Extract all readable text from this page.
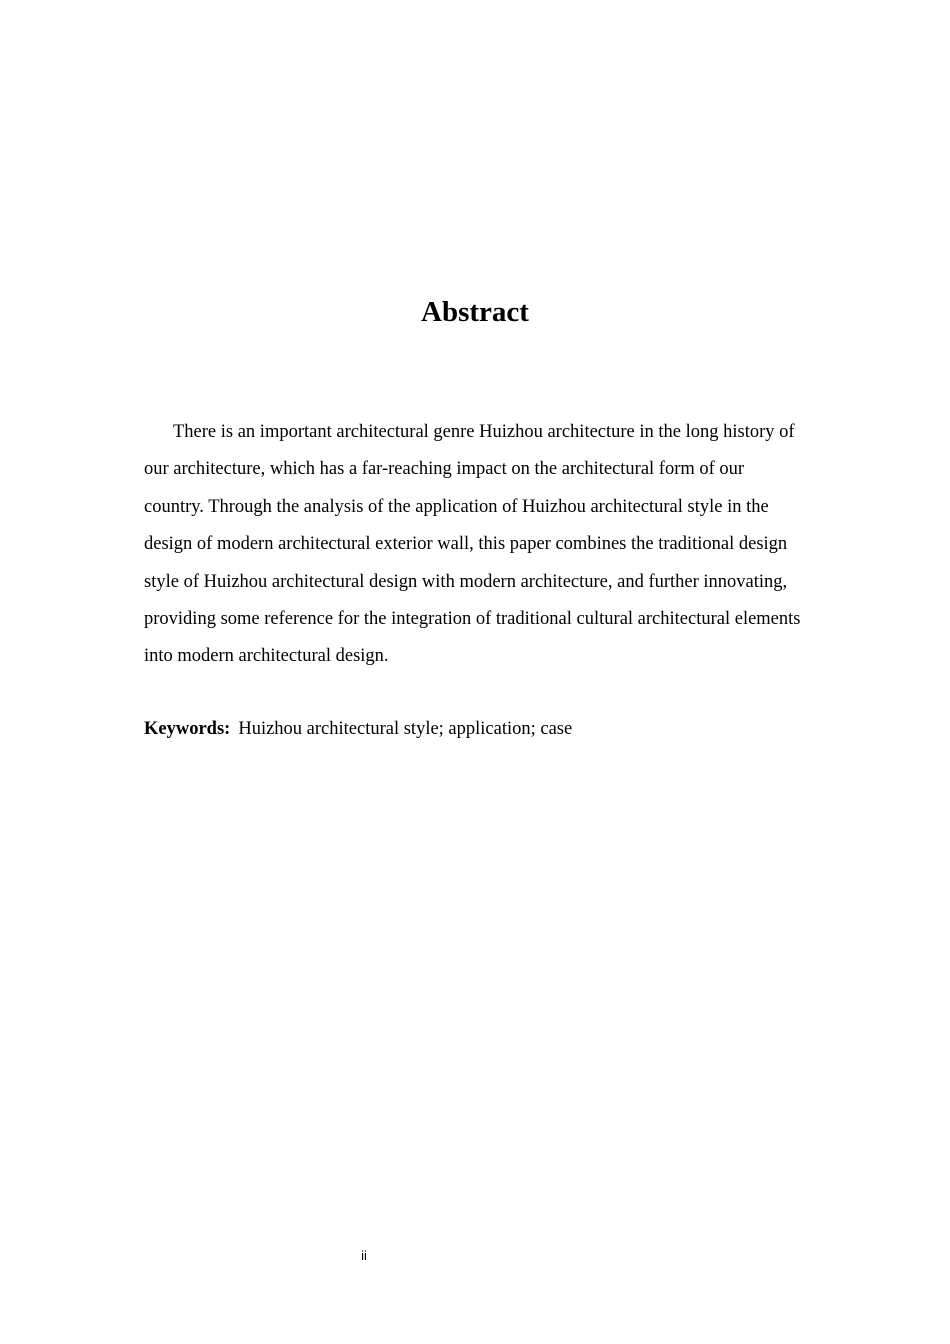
Abstract

There is an important architectural genre Huizhou architecture in the long history of our architecture, which has a far-reaching impact on the architectural form of our country. Through the analysis of the application of Huizhou architectural style in the design of modern architectural exterior wall, this paper combines the traditional design style of Huizhou architectural design with modern architecture, and further innovating, providing some reference for the integration of traditional cultural architectural elements into modern architectural design.

Keywords: Huizhou architectural style; application; case

ii
